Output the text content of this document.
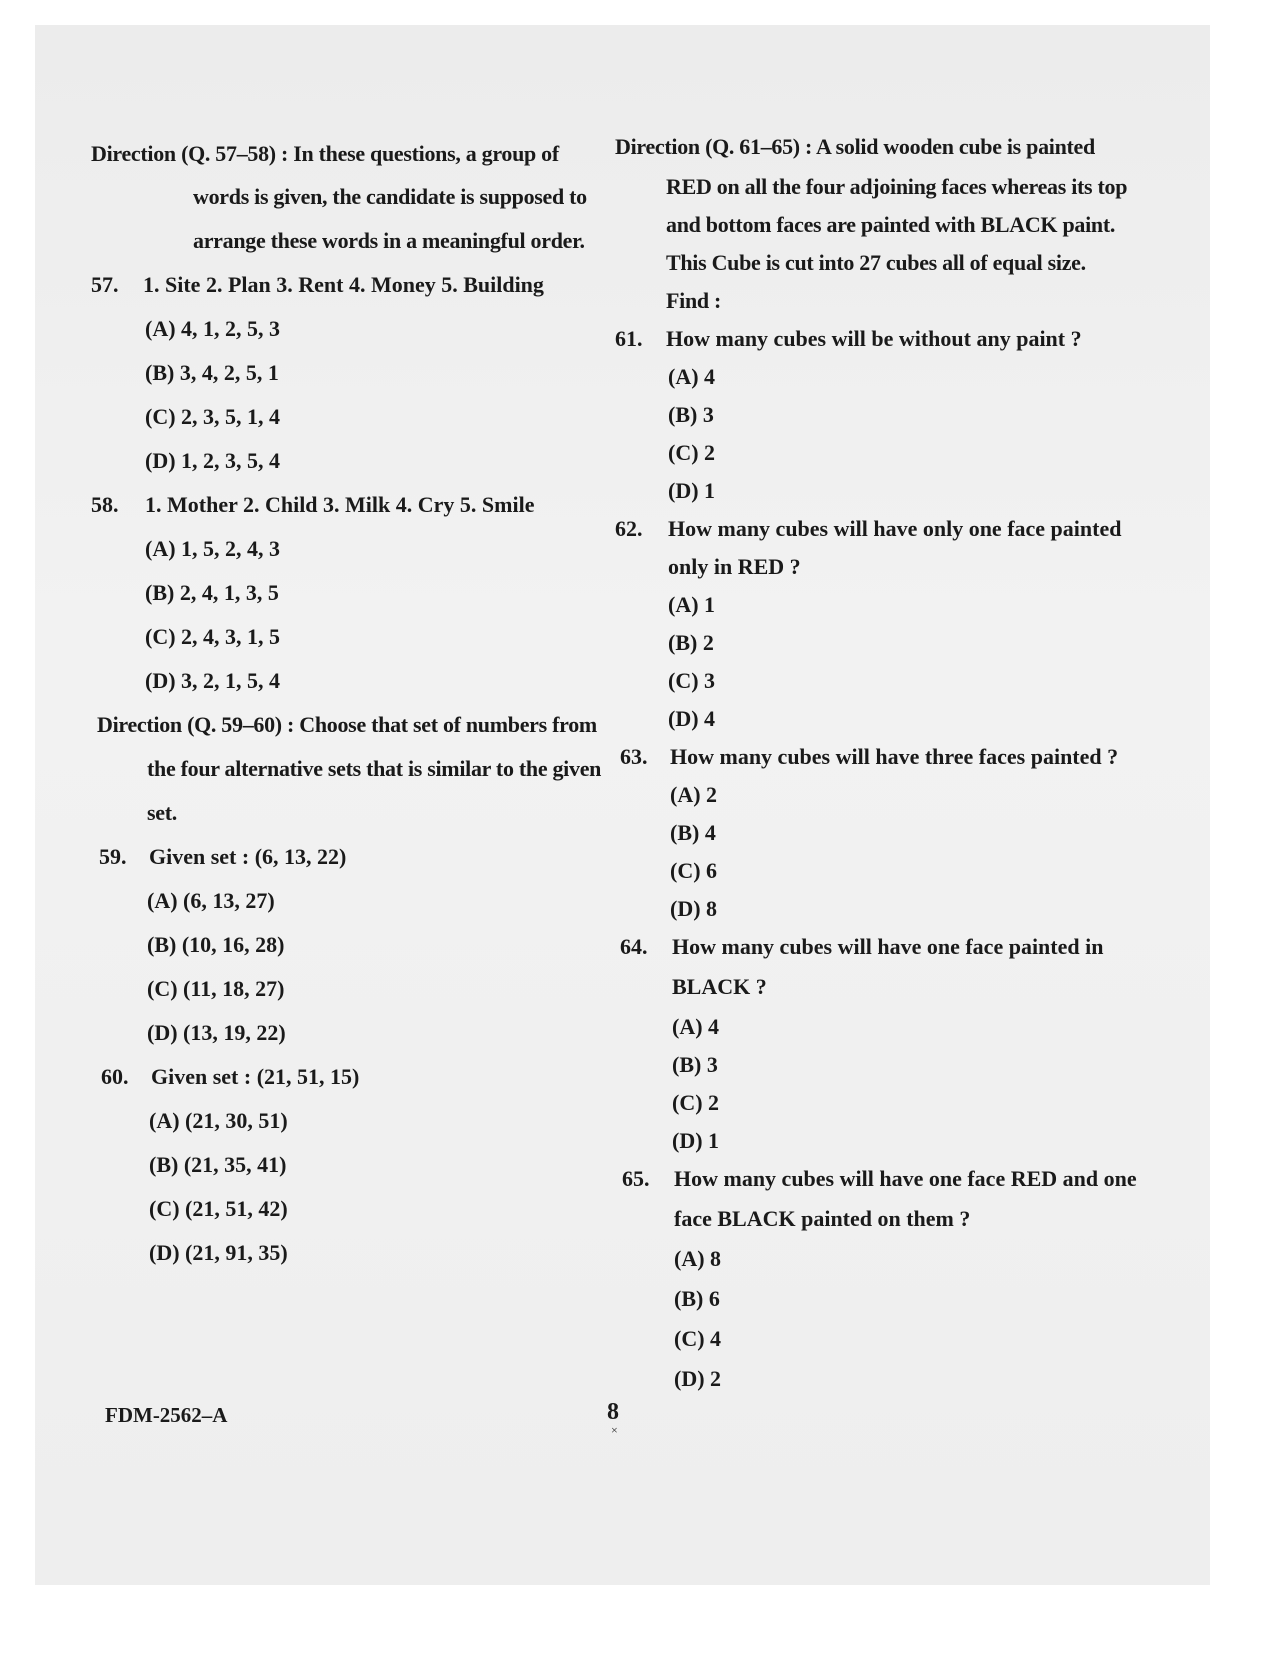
Direction (Q. 57–58) : In these questions, a group of
words is given, the candidate is supposed to
arrange these words in a meaningful order.
57. 1. Site 2. Plan 3. Rent 4. Money 5. Building
(A) 4, 1, 2, 5, 3
(B) 3, 4, 2, 5, 1
(C) 2, 3, 5, 1, 4
(D) 1, 2, 3, 5, 4
58. 1. Mother 2. Child 3. Milk 4. Cry 5. Smile
(A) 1, 5, 2, 4, 3
(B) 2, 4, 1, 3, 5
(C) 2, 4, 3, 1, 5
(D) 3, 2, 1, 5, 4
Direction (Q. 59–60) : Choose that set of numbers from
the four alternative sets that is similar to the given
set.
59. Given set : (6, 13, 22)
(A) (6, 13, 27)
(B) (10, 16, 28)
(C) (11, 18, 27)
(D) (13, 19, 22)
60. Given set : (21, 51, 15)
(A) (21, 30, 51)
(B) (21, 35, 41)
(C) (21, 51, 42)
(D) (21, 91, 35)
Direction (Q. 61–65) : A solid wooden cube is painted
RED on all the four adjoining faces whereas its top
and bottom faces are painted with BLACK paint.
This Cube is cut into 27 cubes all of equal size.
Find :
61. How many cubes will be without any paint ?
(A) 4
(B) 3
(C) 2
(D) 1
62. How many cubes will have only one face painted
only in RED ?
(A) 1
(B) 2
(C) 3
(D) 4
63. How many cubes will have three faces painted ?
(A) 2
(B) 4
(C) 6
(D) 8
64. How many cubes will have one face painted in
BLACK ?
(A) 4
(B) 3
(C) 2
(D) 1
65. How many cubes will have one face RED and one
face BLACK painted on them ?
(A) 8
(B) 6
(C) 4
(D) 2
FDM-2562–A	8
×
